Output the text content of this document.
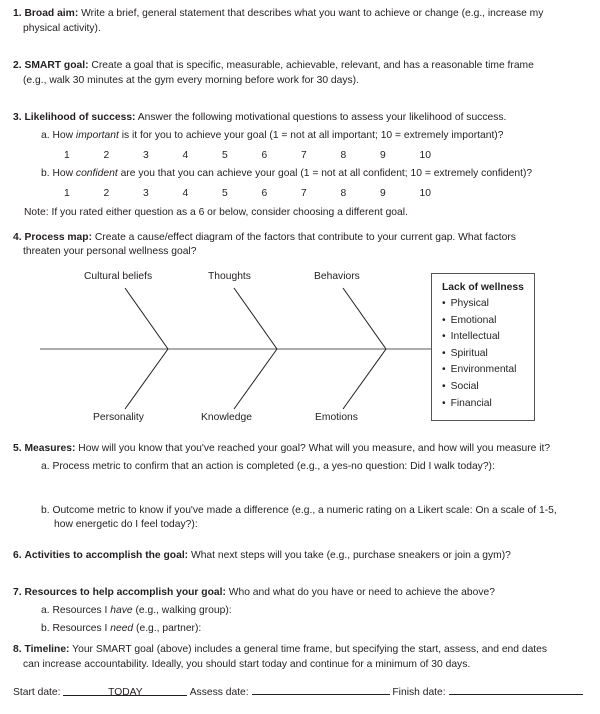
1. Broad aim: Write a brief, general statement that describes what you want to achieve or change (e.g., increase my
physical activity).
2. SMART goal: Create a goal that is specific, measurable, achievable, relevant, and has a reasonable time frame
(e.g., walk 30 minutes at the gym every morning before work for 30 days).
3. Likelihood of success: Answer the following motivational questions to assess your likelihood of success.
a. How important is it for you to achieve your goal (1 = not at all important; 10 = extremely important)?
1	2	3	4	5	6	7	8	9	10
b. How confident are you that you can achieve your goal (1 = not at all confident; 10 = extremely confident)?
1	2	3	4	5	6	7	8	9	10
Note: If you rated either question as a 6 or below, consider choosing a different goal.
4. Process map: Create a cause/effect diagram of the factors that contribute to your current gap. What factors
threaten your personal wellness goal?
Cultural beliefs	Thoughts	Behaviors
Personality	Knowledge	Emotions
Lack of wellness
• Physical
• Emotional
• Intellectual
• Spiritual
• Environmental
• Social
• Financial
5. Measures: How will you know that you've reached your goal? What will you measure, and how will you measure it?
a. Process metric to confirm that an action is completed (e.g., a yes-no question: Did I walk today?):
b. Outcome metric to know if you've made a difference (e.g., a numeric rating on a Likert scale: On a scale of 1-5,
how energetic do I feel today?):
6. Activities to accomplish the goal: What next steps will you take (e.g., purchase sneakers or join a gym)?
7. Resources to help accomplish your goal: Who and what do you have or need to achieve the above?
a. Resources I have (e.g., walking group):
b. Resources I need (e.g., partner):
8. Timeline: Your SMART goal (above) includes a general time frame, but specifying the start, assess, and end dates
can increase accountability. Ideally, you should start today and continue for a minimum of 30 days.
Start date:	TODAY	Assess date:	Finish date:
